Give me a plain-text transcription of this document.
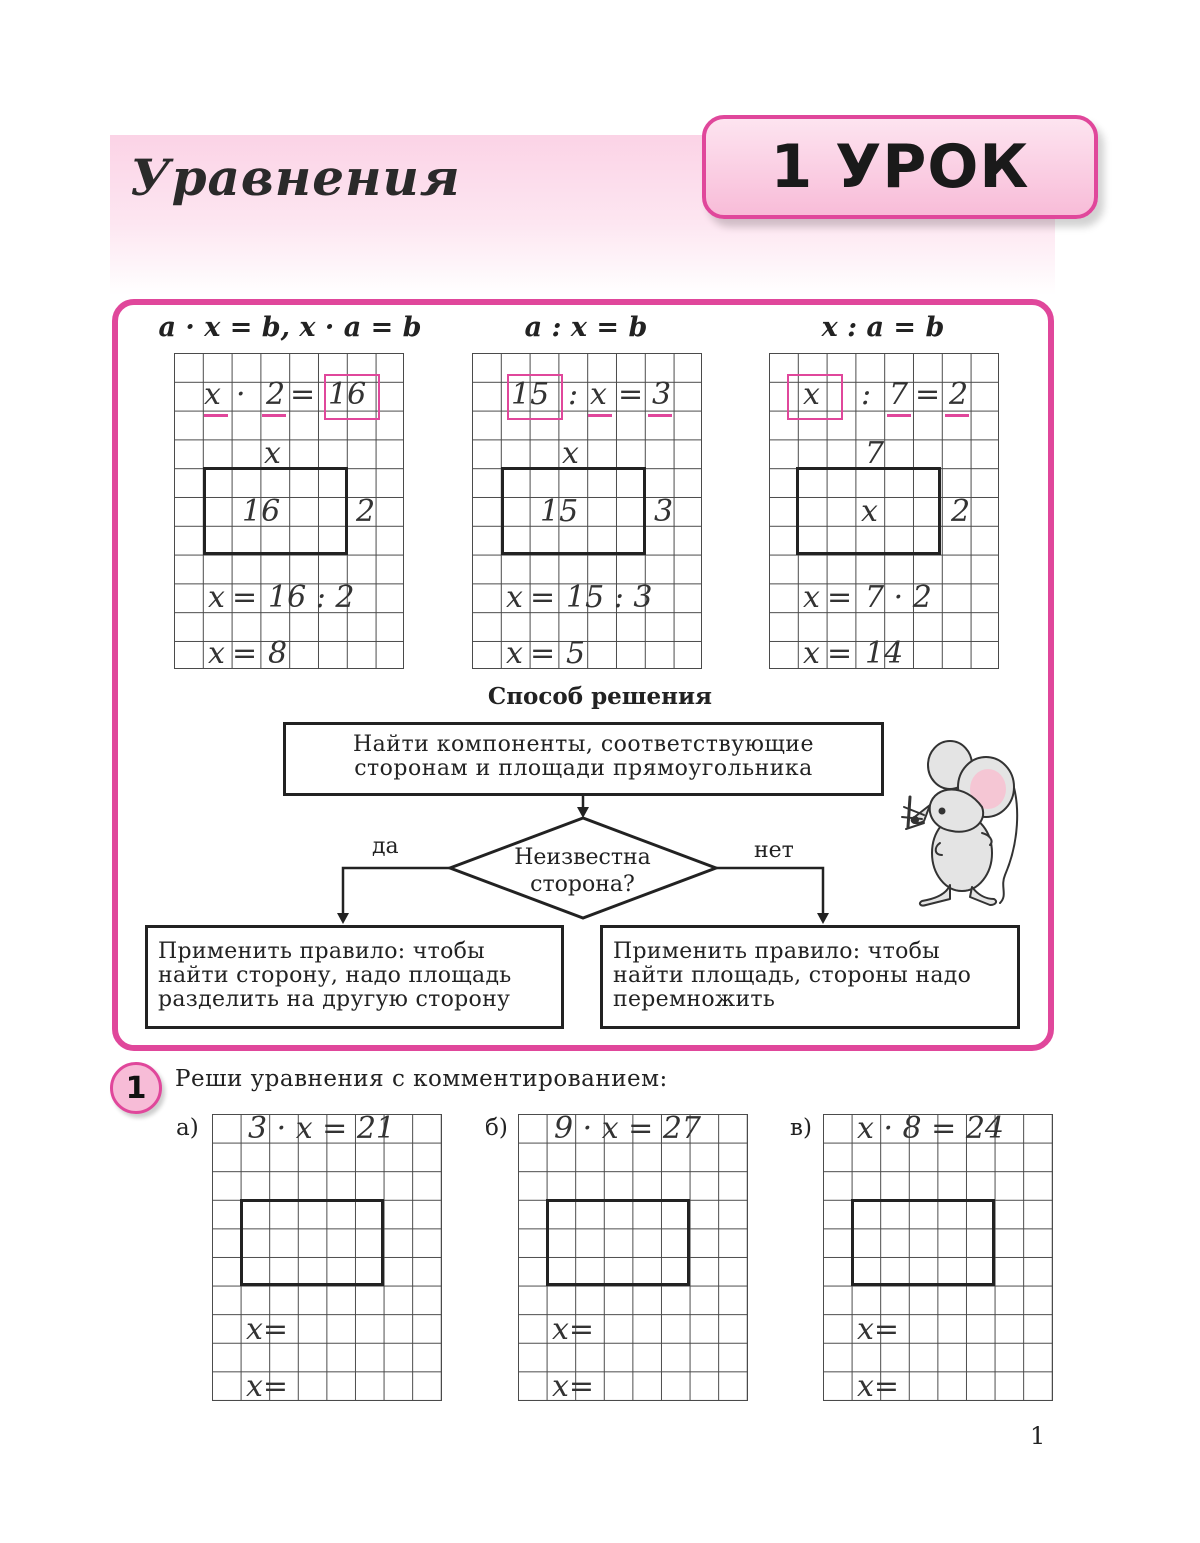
Уравнения	1 УРОК
a · x = b, x · a = b	a : x = b	x : a = b
x · 2 = 16
x
16	2
x = 16 : 2
x = 8
15 : x = 3
x
15	3
x = 15 : 3
x = 5
x : 7 = 2
7
x 2
x = 7 · 2
x = 14
Способ решения
Найти компоненты, соответствующие
сторонам и площади прямоугольника
Неизвестна
сторона?
да	нет
Применить правило: чтобы
найти сторону, надо площадь
разделить на другую сторону
Применить правило: чтобы
найти площадь, стороны надо
перемножить
1 Реши уравнения с комментированием:
а)	б)	в)
3 · x = 21
x=
x=
9 · x = 27
x=
x=
x · 8 = 24
x=
x=
1
